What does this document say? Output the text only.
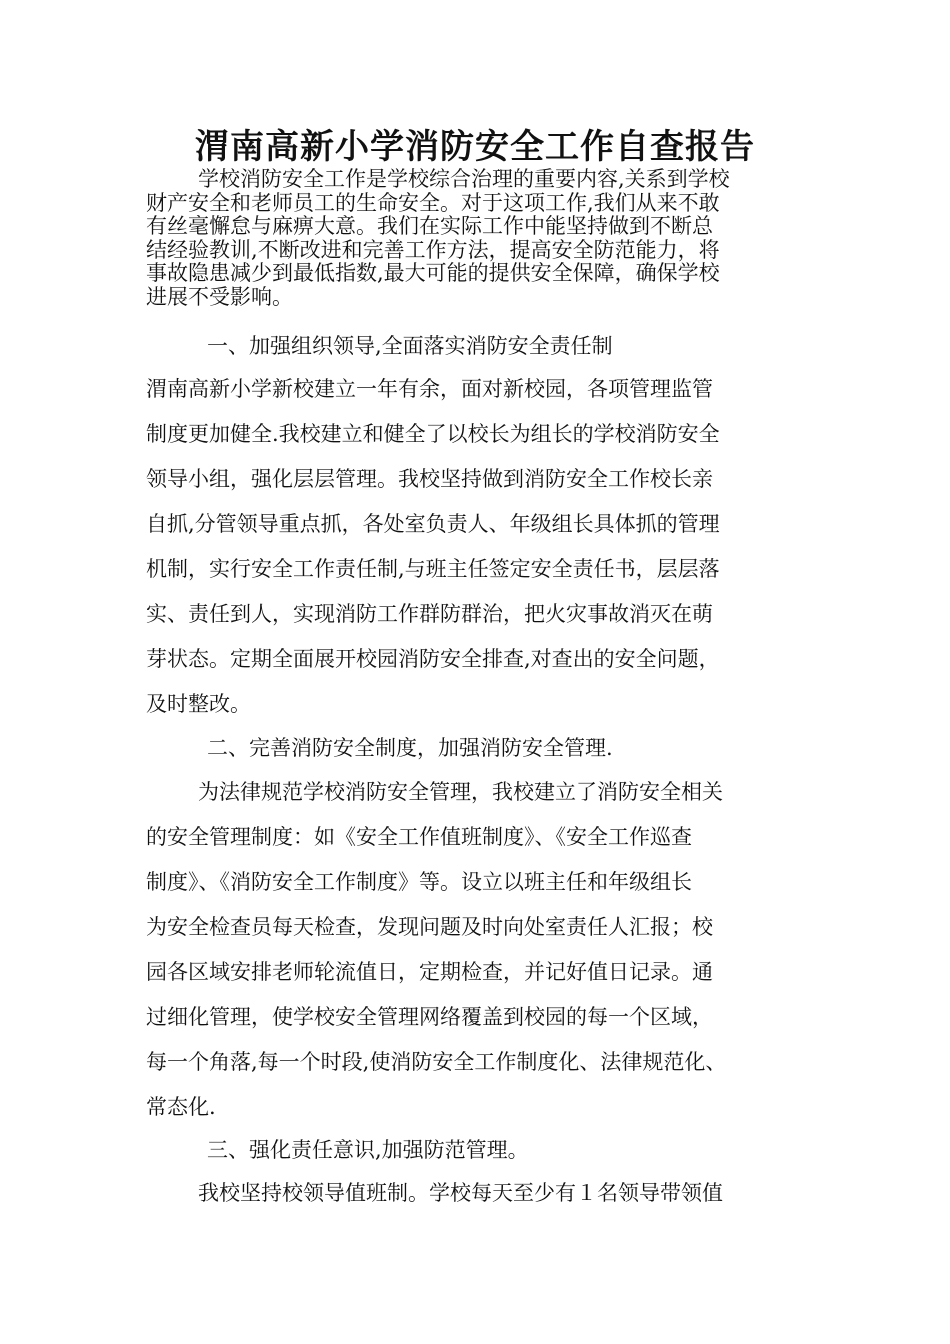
渭南高新小学消防安全工作自查报告
学校消防安全工作是学校综合治理的重要内容,关系到学校
财产安全和老师员工的生命安全。对于这项工作,我们从来不敢
有丝毫懈怠与麻痹大意。我们在实际工作中能坚持做到不断总
结经验教训,不断改进和完善工作方法，提高安全防范能力，将
事故隐患减少到最低指数,最大可能的提供安全保障，确保学校
进展不受影响。
一、加强组织领导,全面落实消防安全责任制
渭南高新小学新校建立一年有余，面对新校园，各项管理监管
制度更加健全.我校建立和健全了以校长为组长的学校消防安全
领导小组，强化层层管理。我校坚持做到消防安全工作校长亲
自抓,分管领导重点抓，各处室负责人、年级组长具体抓的管理
机制，实行安全工作责任制,与班主任签定安全责任书，层层落
实、责任到人，实现消防工作群防群治，把火灾事故消灭在萌
芽状态。定期全面展开校园消防安全排查,对查出的安全问题，
及时整改。
二、完善消防安全制度，加强消防安全管理.
为法律规范学校消防安全管理，我校建立了消防安全相关
的安全管理制度：如《安全工作值班制度》、《安全工作巡查
制度》、《消防安全工作制度》等。设立以班主任和年级组长
为安全检查员每天检查，发现问题及时向处室责任人汇报；校
园各区域安排老师轮流值日，定期检查，并记好值日记录。通
过细化管理，使学校安全管理网络覆盖到校园的每一个区域，
每一个角落,每一个时段,使消防安全工作制度化、法律规范化、
常态化.
三、强化责任意识,加强防范管理。
我校坚持校领导值班制。学校每天至少有１名领导带领值
